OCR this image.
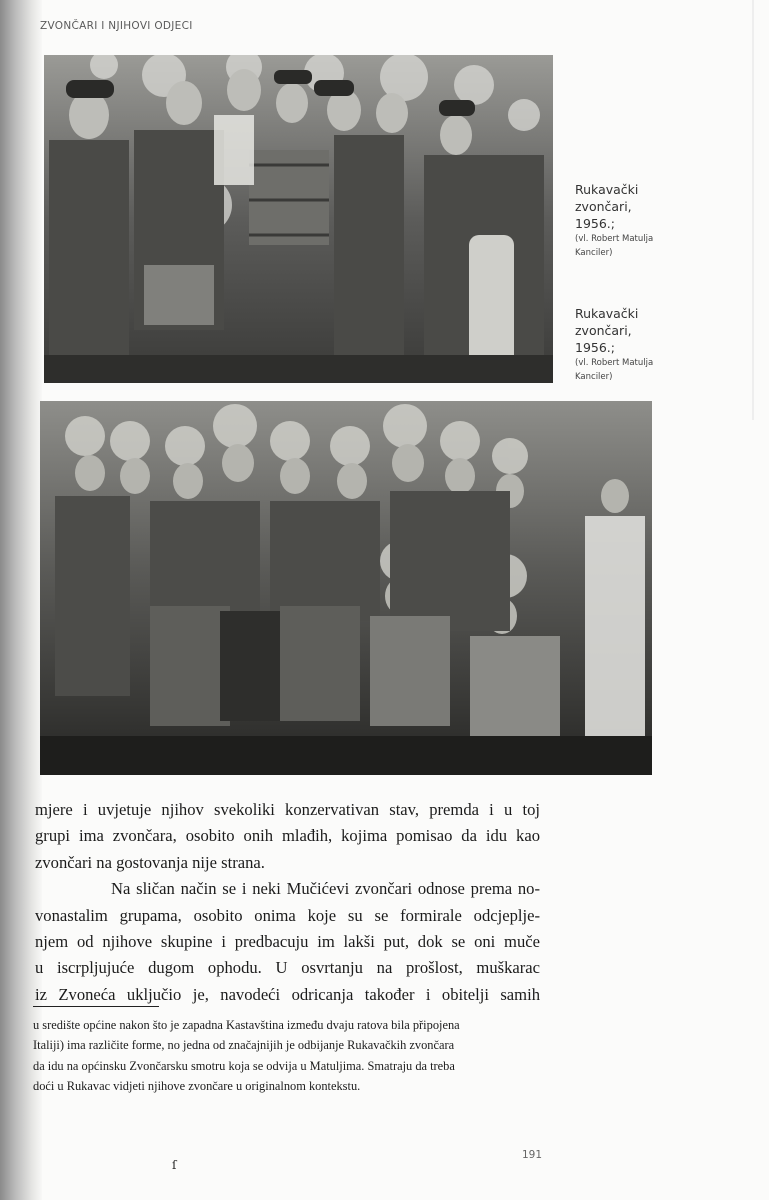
ZVONČARI I NJIHOVI ODJECI
Rukavački
zvončari,
1956.;
(vl. Robert Matulja
Kanciler)
Rukavački
zvončari,
1956.;
(vl. Robert Matulja
Kanciler)
mjere i uvjetuje njihov svekoliki konzervativan stav, premda i u toj
grupi ima zvončara, osobito onih mlađih, kojima pomisao da idu kao
zvončari na gostovanja nije strana.
Na sličan način se i neki Mučićevi zvončari odnose prema no-
vonastalim grupama, osobito onima koje su se formirale odcjeplje-
njem od njihove skupine i predbacuju im lakši put, dok se oni muče
u iscrpljujuće dugom ophodu. U osvrtanju na prošlost, muškarac
iz Zvoneća uključio je, navodeći odricanja također i obitelji samih
u središte općine nakon što je zapadna Kastavština između dvaju ratova bila připojena
Italiji) ima različite forme, no jedna od značajnijih je odbijanje Rukavačkih zvončara
da idu na općinsku Zvončarsku smotru koja se odvija u Matuljima. Smatraju da treba
doći u Rukavac vidjeti njihove zvončare u originalnom kontekstu.
ſ
191
